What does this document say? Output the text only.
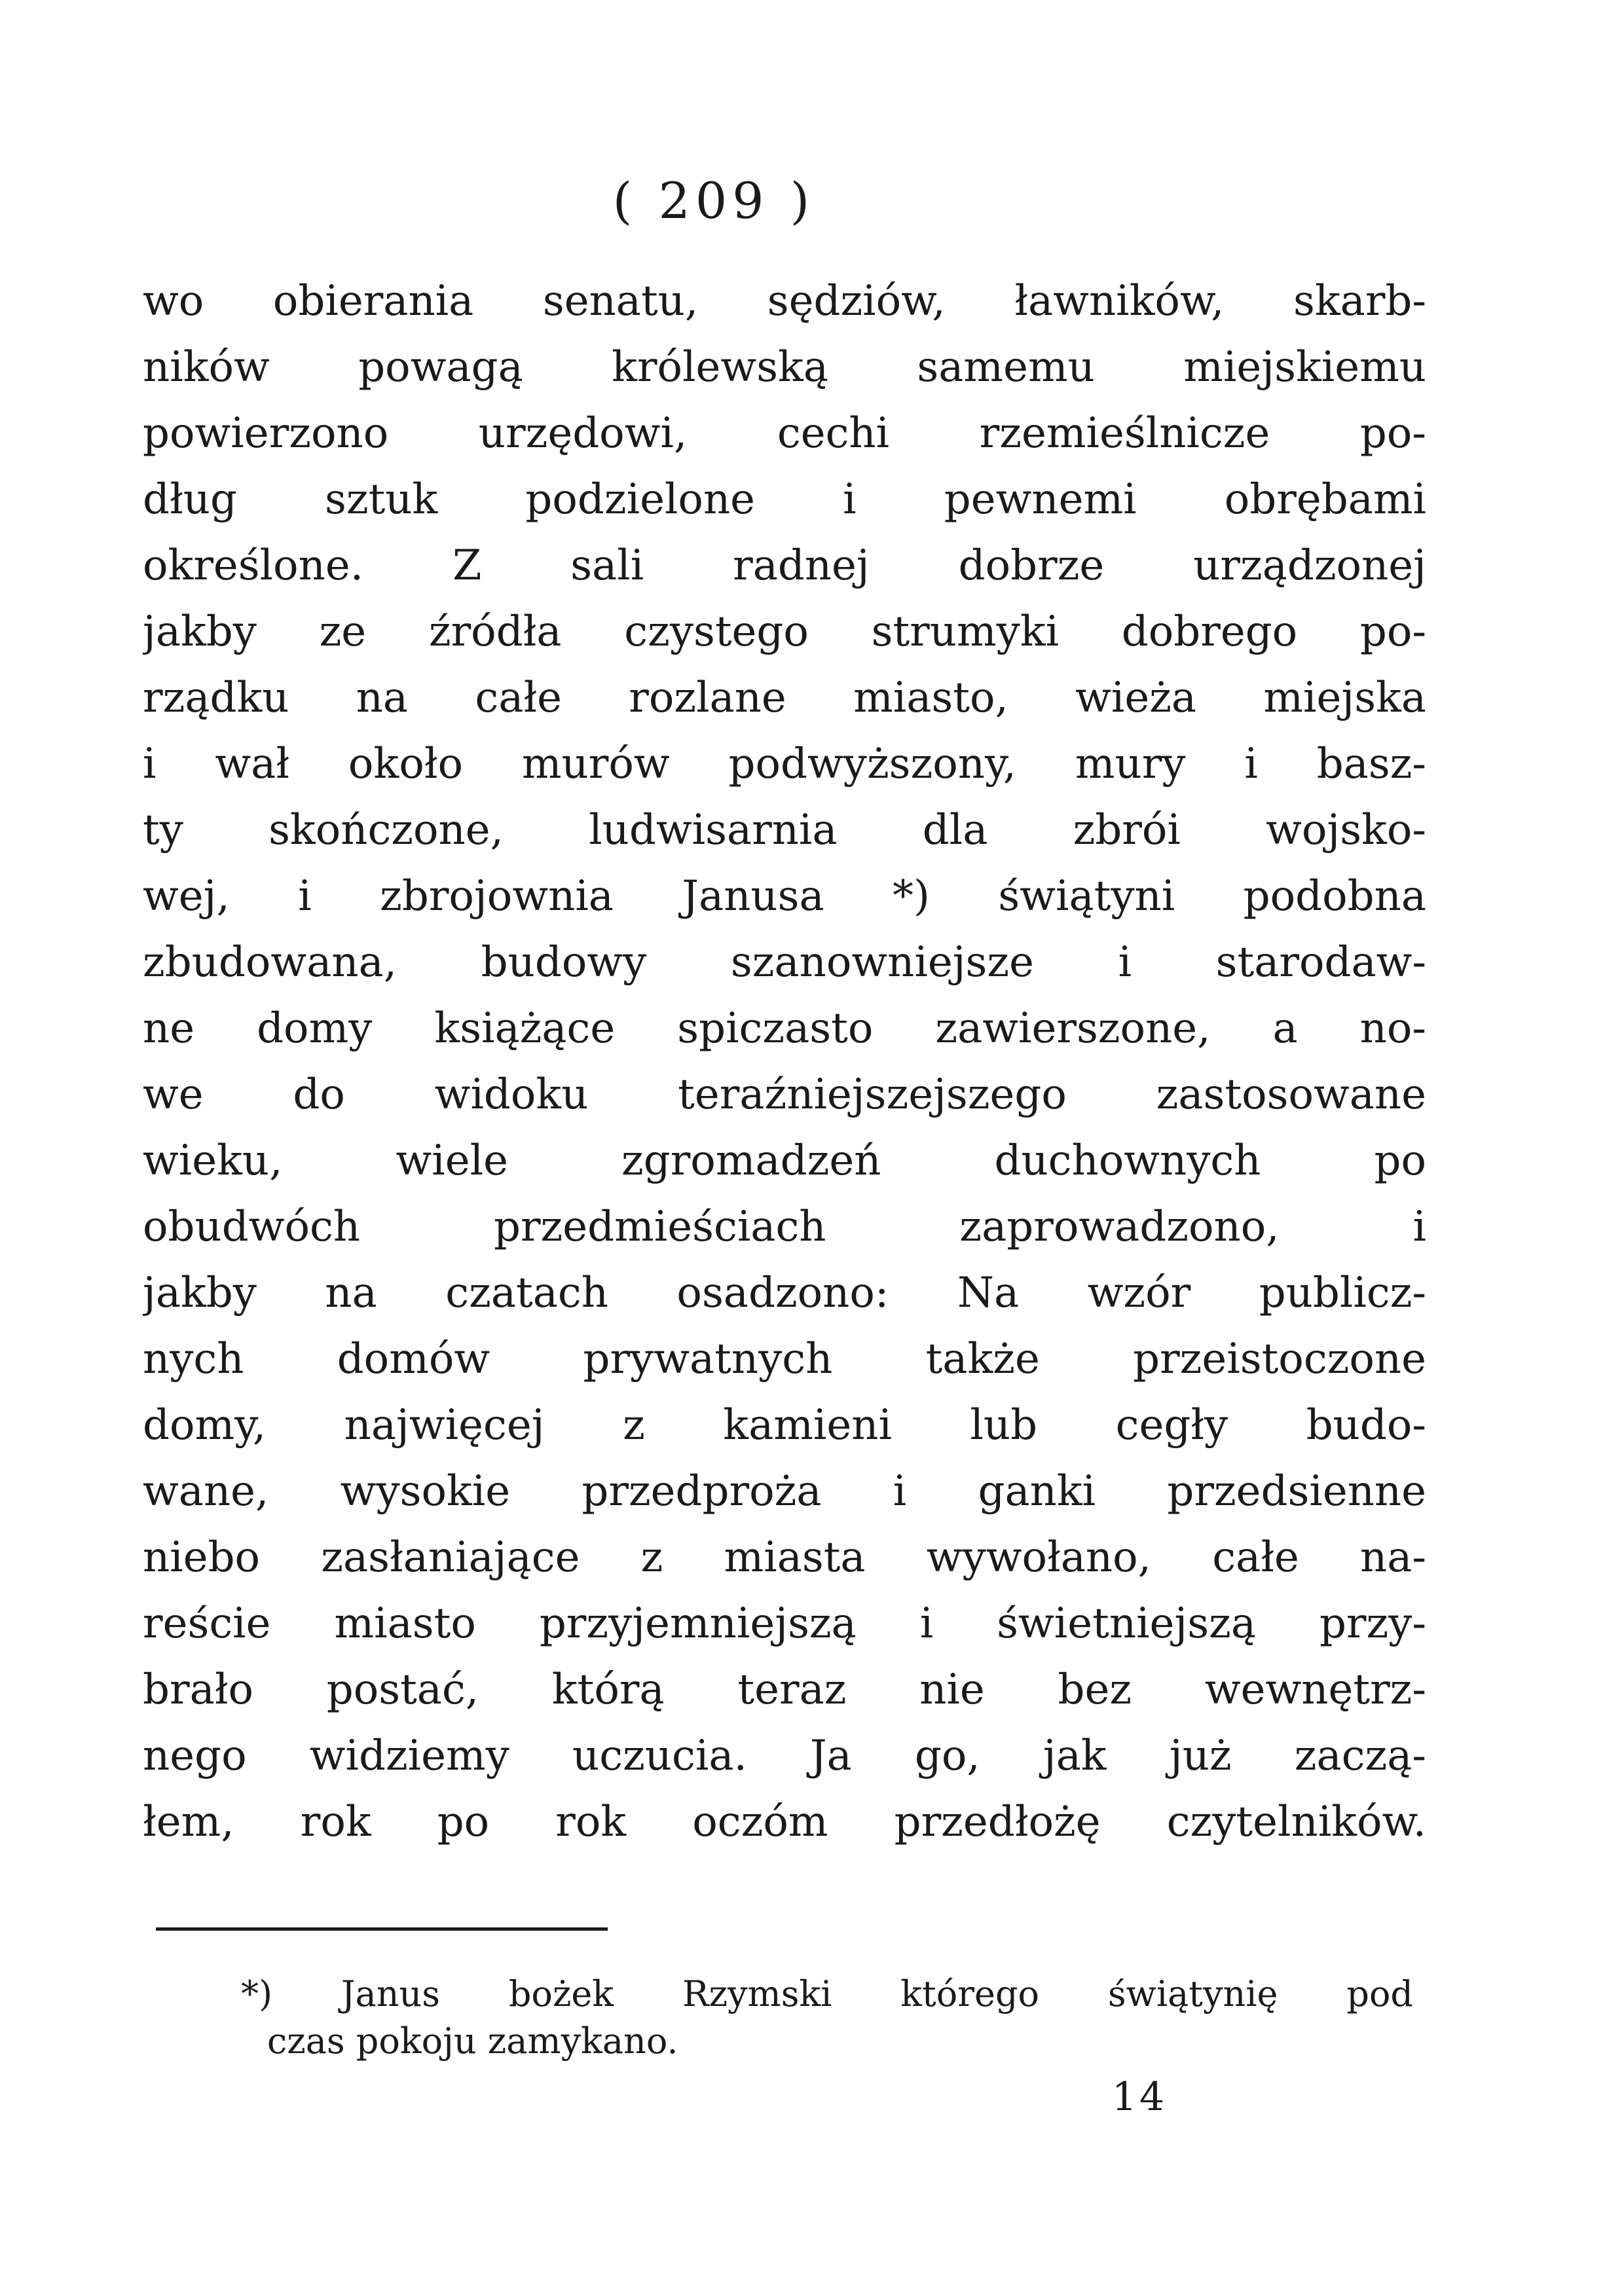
( 209 )
wo obierania senatu, sędziów, ławników, skarb-
ników powagą królewską samemu miejskiemu
powierzono urzędowi, cechi rzemieślnicze po-
dług sztuk podzielone i pewnemi obrębami
określone. Z sali radnej dobrze urządzonej
jakby ze źródła czystego strumyki dobrego po-
rządku na całe rozlane miasto, wieża miejska
i wał około murów podwyższony, mury i basz-
ty skończone, ludwisarnia dla zbrói wojsko-
wej, i zbrojownia Janusa *) świątyni podobna
zbudowana, budowy szanowniejsze i starodaw-
ne domy książące spiczasto zawierszone, a no-
we do widoku teraźniejszejszego zastosowane
wieku, wiele zgromadzeń duchownych po
obudwóch przedmieściach zaprowadzono, i
jakby na czatach osadzono: Na wzór publicz-
nych domów prywatnych także przeistoczone
domy, najwięcej z kamieni lub cegły budo-
wane, wysokie przedproża i ganki przedsienne
niebo zasłaniające z miasta wywołano, całe na-
reście miasto przyjemniejszą i świetniejszą przy-
brało postać, którą teraz nie bez wewnętrz-
nego widziemy uczucia. Ja go, jak już zaczą-
łem, rok po rok oczóm przedłożę czytelników.
*) Janus bożek Rzymski którego świątynię pod
czas pokoju zamykano.
14
